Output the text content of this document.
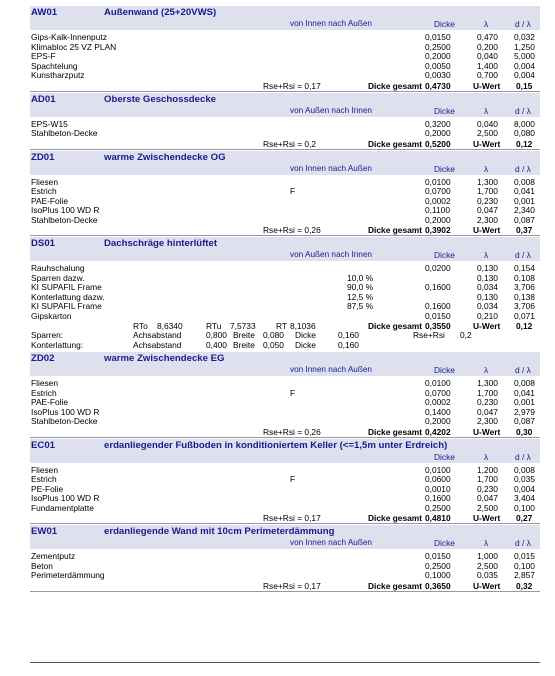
AW01	Außenwand (25+20VWS)
von Innen nach Außen	Dicke	λ	d / λ
Gips-Kalk-Innenputz	0,0150	0,470 0,032
Klimabloc 25 VZ PLAN	0,2500	0,200 1,250
EPS-F	0,2000	0,040 5,000
Spachtelung	0,0050	1,400 0,004
Kunstharzputz	0,0030	0,700 0,004
Rse+Rsi = 0,17	Dicke gesamt 0,4730	U-Wert 0,15
AD01	Oberste Geschossdecke
von Außen nach Innen	Dicke	λ	d / λ
EPS-W15	0,3200	0,040 8,000
Stahlbeton-Decke	0,2000	2,500 0,080
Rse+Rsi = 0,2	Dicke gesamt 0,5200	U-Wert 0,12
ZD01	warme Zwischendecke OG
von Innen nach Außen	Dicke	λ	d / λ
Fliesen	0,0100	1,300 0,008
Estrich	F	0,0700	1,700 0,041
PAE-Folie	0,0002	0,230 0,001
IsoPlus 100 WD R	0,1100	0,047 2,340
Stahlbeton-Decke	0,2000	2,300 0,087
Rse+Rsi = 0,26	Dicke gesamt 0,3902	U-Wert 0,37
DS01	Dachschräge hinterlüftet
von Außen nach Innen	Dicke	λ	d / λ
Rauhschalung	0,0200	0,130 0,154
Sparren dazw.	10,0 %	0,130 0,108
KI SUPAFIL Frame	90,0 %	0,1600	0,034 3,706
Konterlattung dazw.	12,5 %	0,130 0,138
KI SUPAFIL Frame	87,5 %	0,1600	0,034 3,706
Gipskarton	0,0150	0,210 0,071
RTo 8,6340	RTu 7,5733 RT 8,1036	Dicke gesamt 0,3550	U-Wert 0,12
Sparren:	Achsabstand	0,800 Breite 0,080 Dicke	0,160	Rse+Rsi 0,2
Konterlattung:	Achsabstand	0,400 Breite 0,050 Dicke	0,160
ZD02	warme Zwischendecke EG
von Innen nach Außen	Dicke	λ	d / λ
Fliesen	0,0100	1,300 0,008
Estrich	F	0,0700	1,700 0,041
PAE-Folie	0,0002	0,230 0,001
IsoPlus 100 WD R	0,1400	0,047 2,979
Stahlbeton-Decke	0,2000	2,300 0,087
Rse+Rsi = 0,26	Dicke gesamt 0,4202	U-Wert 0,30
EC01	erdanliegender Fußboden in konditioniertem Keller (<=1,5m unter Erdreich)
Dicke	λ	d / λ
Fliesen	0,0100	1,200 0,008
Estrich	F	0,0600	1,700 0,035
PE-Folie	0,0010	0,230 0,004
IsoPlus 100 WD R	0,1600	0,047 3,404
Fundamentplatte	0,2500	2,500 0,100
Rse+Rsi = 0,17	Dicke gesamt 0,4810	U-Wert 0,27
EW01	erdanliegende Wand mit 10cm Perimeterdämmung
von Innen nach Außen	Dicke	λ	d / λ
Zementputz	0,0150	1,000 0,015
Beton	0,2500	2,500 0,100
Perimeterdämmung	0,1000	0,035 2,857
Rse+Rsi = 0,17	Dicke gesamt 0,3650	U-Wert 0,32
